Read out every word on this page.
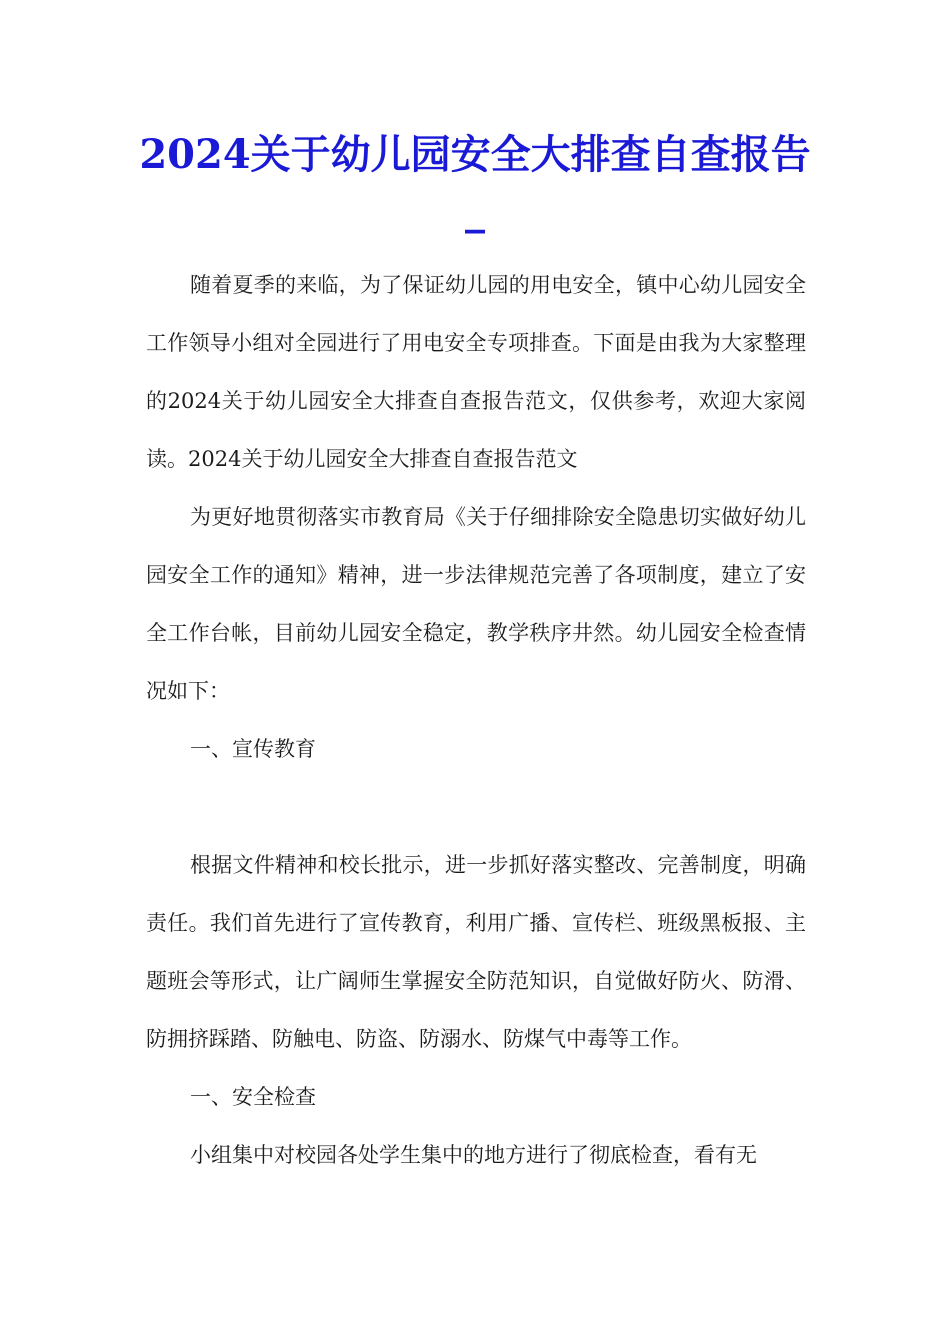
2024关于幼儿园安全大排查自查报告_

随着夏季的来临，为了保证幼儿园的用电安全，镇中心幼儿园安全工作领导小组对全园进行了用电安全专项排查。下面是由我为大家整理的2024关于幼儿园安全大排查自查报告范文，仅供参考，欢迎大家阅读。2024关于幼儿园安全大排查自查报告范文

为更好地贯彻落实市教育局《关于仔细排除安全隐患切实做好幼儿园安全工作的通知》精神，进一步法律规范完善了各项制度，建立了安全工作台帐，目前幼儿园安全稳定，教学秩序井然。幼儿园安全检查情况如下：

一、宣传教育

根据文件精神和校长批示，进一步抓好落实整改、完善制度，明确责任。我们首先进行了宣传教育，利用广播、宣传栏、班级黑板报、主题班会等形式，让广阔师生掌握安全防范知识，自觉做好防火、防滑、防拥挤踩踏、防触电、防盗、防溺水、防煤气中毒等工作。

一、安全检查

小组集中对校园各处学生集中的地方进行了彻底检查，看有无
